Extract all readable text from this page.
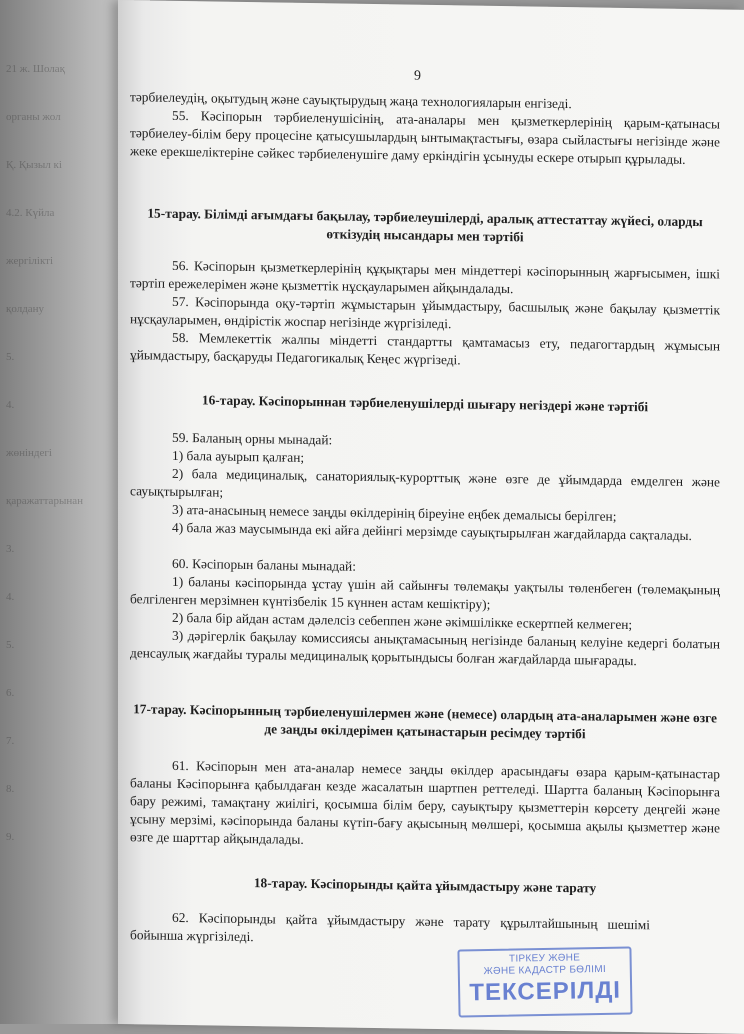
21 ж. Шолақ
органы жол
Қ. Қызыл кі
4.2. Күйла
жергілікті
қолдану
5.
4.
жөніндегі
қаражаттарынан
3.
4.
5.
6.
7.
8.
9.
9
тәрбиелеудің, оқытудың және сауықтырудың жаңа технологияларын енгізеді.
55. Кәсіпорын тәрбиеленушісінің, ата-аналары мен қызметкерлерінің қарым-қатынасы тәрбиелеу-білім беру процесіне қатысушылардың ынтымақтастығы, өзара сыйластығы негізінде және жеке ерекшеліктеріне сәйкес тәрбиеленушіге даму еркіндігін ұсынуды ескере отырып құрылады.
15-тарау. Білімді ағымдағы бақылау, тәрбиелеушілерді, аралық аттестаттау жүйесі, оларды өткізудің нысандары мен тәртібі
56. Кәсіпорын қызметкерлерінің құқықтары мен міндеттері кәсіпорынның жарғысымен, ішкі тәртіп ережелерімен және қызметтік нұсқауларымен айқындалады.
57. Кәсіпорында оқу-тәртіп жұмыстарын ұйымдастыру, басшылық және бақылау қызметтік нұсқауларымен, өндірістік жоспар негізінде жүргізіледі.
58. Мемлекеттік жалпы міндетті стандартты қамтамасыз ету, педагогтардың жұмысын ұйымдастыру, басқаруды Педагогикалық Кеңес жүргізеді.
16-тарау. Кәсіпорыннан тәрбиеленушілерді шығару негіздері және тәртібі
59. Баланың орны мынадай:
1) бала ауырып қалған;
2) бала медициналық, санаториялық-курорттық және өзге де ұйымдарда емделген және сауықтырылған;
3) ата-анасының немесе заңды өкілдерінің біреуіне еңбек демалысы берілген;
4) бала жаз маусымында екі айға дейінгі мерзімде сауықтырылған жағдайларда сақталады.
60. Кәсіпорын баланы мынадай:
1) баланы кәсіпорында ұстау үшін ай сайынғы төлемақы уақтылы төленбеген (төлемақының белгіленген мерзімнен күнтізбелік 15 күннен астам кешіктіру);
2) бала бір айдан астам дәлелсіз себеппен және әкімшілікке ескертпей келмеген;
3) дәрігерлік бақылау комиссиясы анықтамасының негізінде баланың келуіне кедергі болатын денсаулық жағдайы туралы медициналық қорытындысы болған жағдайларда шығарады.
17-тарау. Кәсіпорынның тәрбиеленушілермен және (немесе) олардың ата-аналарымен және өзге де заңды өкілдерімен қатынастарын ресімдеу тәртібі
61. Кәсіпорын мен ата-аналар немесе заңды өкілдер арасындағы өзара қарым-қатынастар баланы Кәсіпорынға қабылдаған кезде жасалатын шартпен реттеледі. Шартта баланың Кәсіпорынға бару режимі, тамақтану жиілігі, қосымша білім беру, сауықтыру қызметтерін көрсету деңгейі және ұсыну мерзімі, кәсіпорында баланы күтіп-бағу ақысының мөлшері, қосымша ақылы қызметтер және өзге де шарттар айқындалады.
18-тарау. Кәсіпорынды қайта ұйымдастыру және тарату
62. Кәсіпорынды қайта ұйымдастыру және тарату құрылтайшының шешімі бойынша жүргізіледі.
ТІРКЕУ ЖӘНЕ
ЖӘНЕ КАДАСТР БӨЛІМІ
ТЕКСЕРІЛДІ
